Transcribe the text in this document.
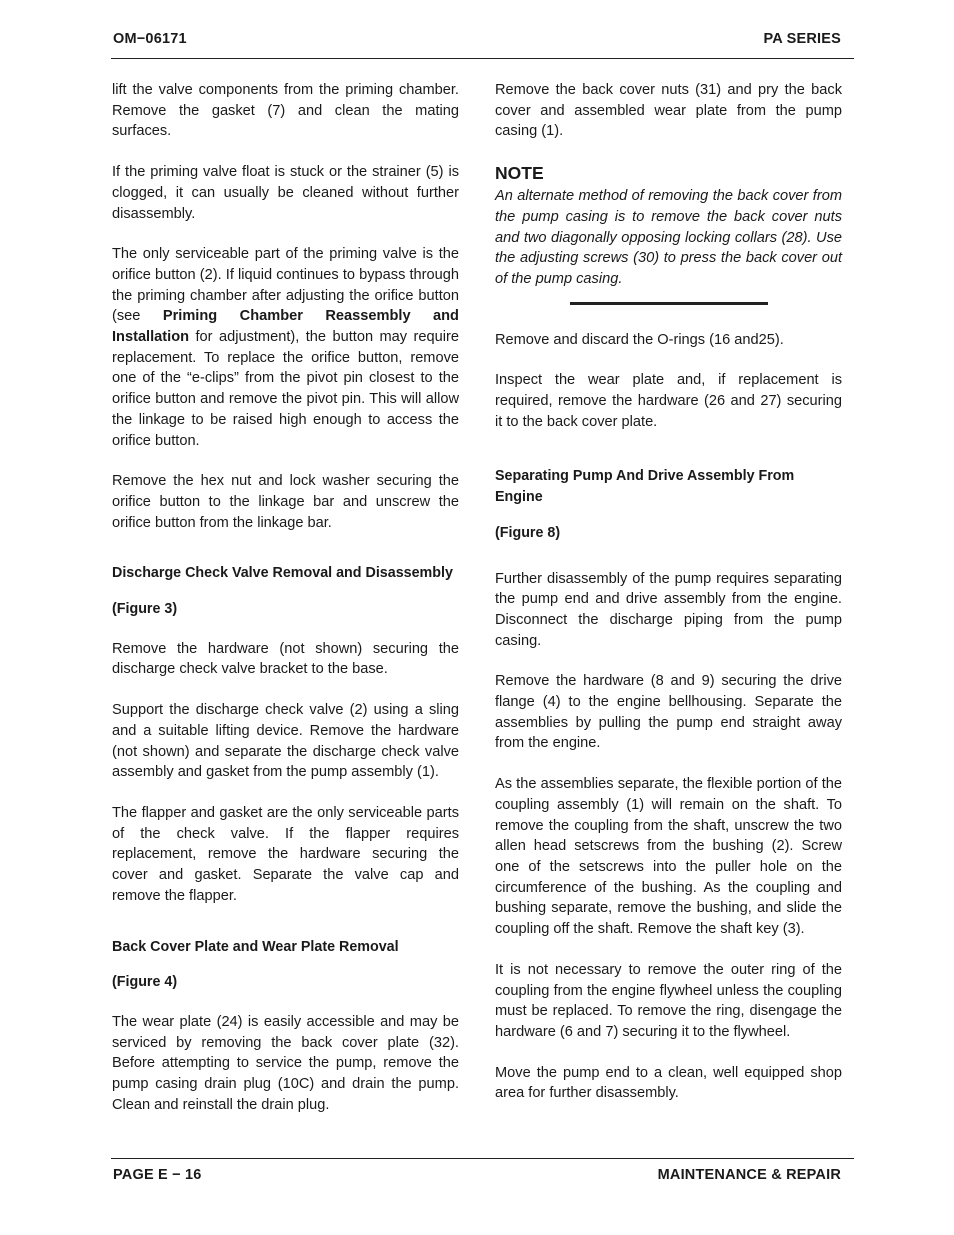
OM−06171	PA SERIES

lift the valve components from the priming chamber. Remove the gasket (7) and clean the mating surfaces.

If the priming valve float is stuck or the strainer (5) is clogged, it can usually be cleaned without further disassembly.

The only serviceable part of the priming valve is the orifice button (2). If liquid continues to bypass through the priming chamber after adjusting the orifice button (see Priming Chamber Reassembly and Installation for adjustment), the button may require replacement. To replace the orifice button, remove one of the “e-clips” from the pivot pin closest to the orifice button and remove the pivot pin. This will allow the linkage to be raised high enough to access the orifice button.

Remove the hex nut and lock washer securing the orifice button to the linkage bar and unscrew the orifice button from the linkage bar.

Discharge Check Valve Removal and Disassembly

(Figure 3)

Remove the hardware (not shown) securing the discharge check valve bracket to the base.

Support the discharge check valve (2) using a sling and a suitable lifting device. Remove the hardware (not shown) and separate the discharge check valve assembly and gasket from the pump assembly (1).

The flapper and gasket are the only serviceable parts of the check valve. If the flapper requires replacement, remove the hardware securing the cover and gasket. Separate the valve cap and remove the flapper.

Back Cover Plate and Wear Plate Removal

(Figure 4)

The wear plate (24) is easily accessible and may be serviced by removing the back cover plate (32). Before attempting to service the pump, remove the pump casing drain plug (10C) and drain the pump. Clean and reinstall the drain plug.

Remove the back cover nuts (31) and pry the back cover and assembled wear plate from the pump casing (1).

NOTE

An alternate method of removing the back cover from the pump casing is to remove the back cover nuts and two diagonally opposing locking collars (28). Use the adjusting screws (30) to press the back cover out of the pump casing.

Remove and discard the O-rings (16 and25).

Inspect the wear plate and, if replacement is required, remove the hardware (26 and 27) securing it to the back cover plate.

Separating Pump And Drive Assembly From Engine

(Figure 8)

Further disassembly of the pump requires separating the pump end and drive assembly from the engine. Disconnect the discharge piping from the pump casing.

Remove the hardware (8 and 9) securing the drive flange (4) to the engine bellhousing. Separate the assemblies by pulling the pump end straight away from the engine.

As the assemblies separate, the flexible portion of the coupling assembly (1) will remain on the shaft. To remove the coupling from the shaft, unscrew the two allen head setscrews from the bushing (2). Screw one of the setscrews into the puller hole on the circumference of the bushing. As the coupling and bushing separate, remove the bushing, and slide the coupling off the shaft. Remove the shaft key (3).

It is not necessary to remove the outer ring of the coupling from the engine flywheel unless the coupling must be replaced. To remove the ring, disengage the hardware (6 and 7) securing it to the flywheel.

Move the pump end to a clean, well equipped shop area for further disassembly.

PAGE E − 16	MAINTENANCE & REPAIR
